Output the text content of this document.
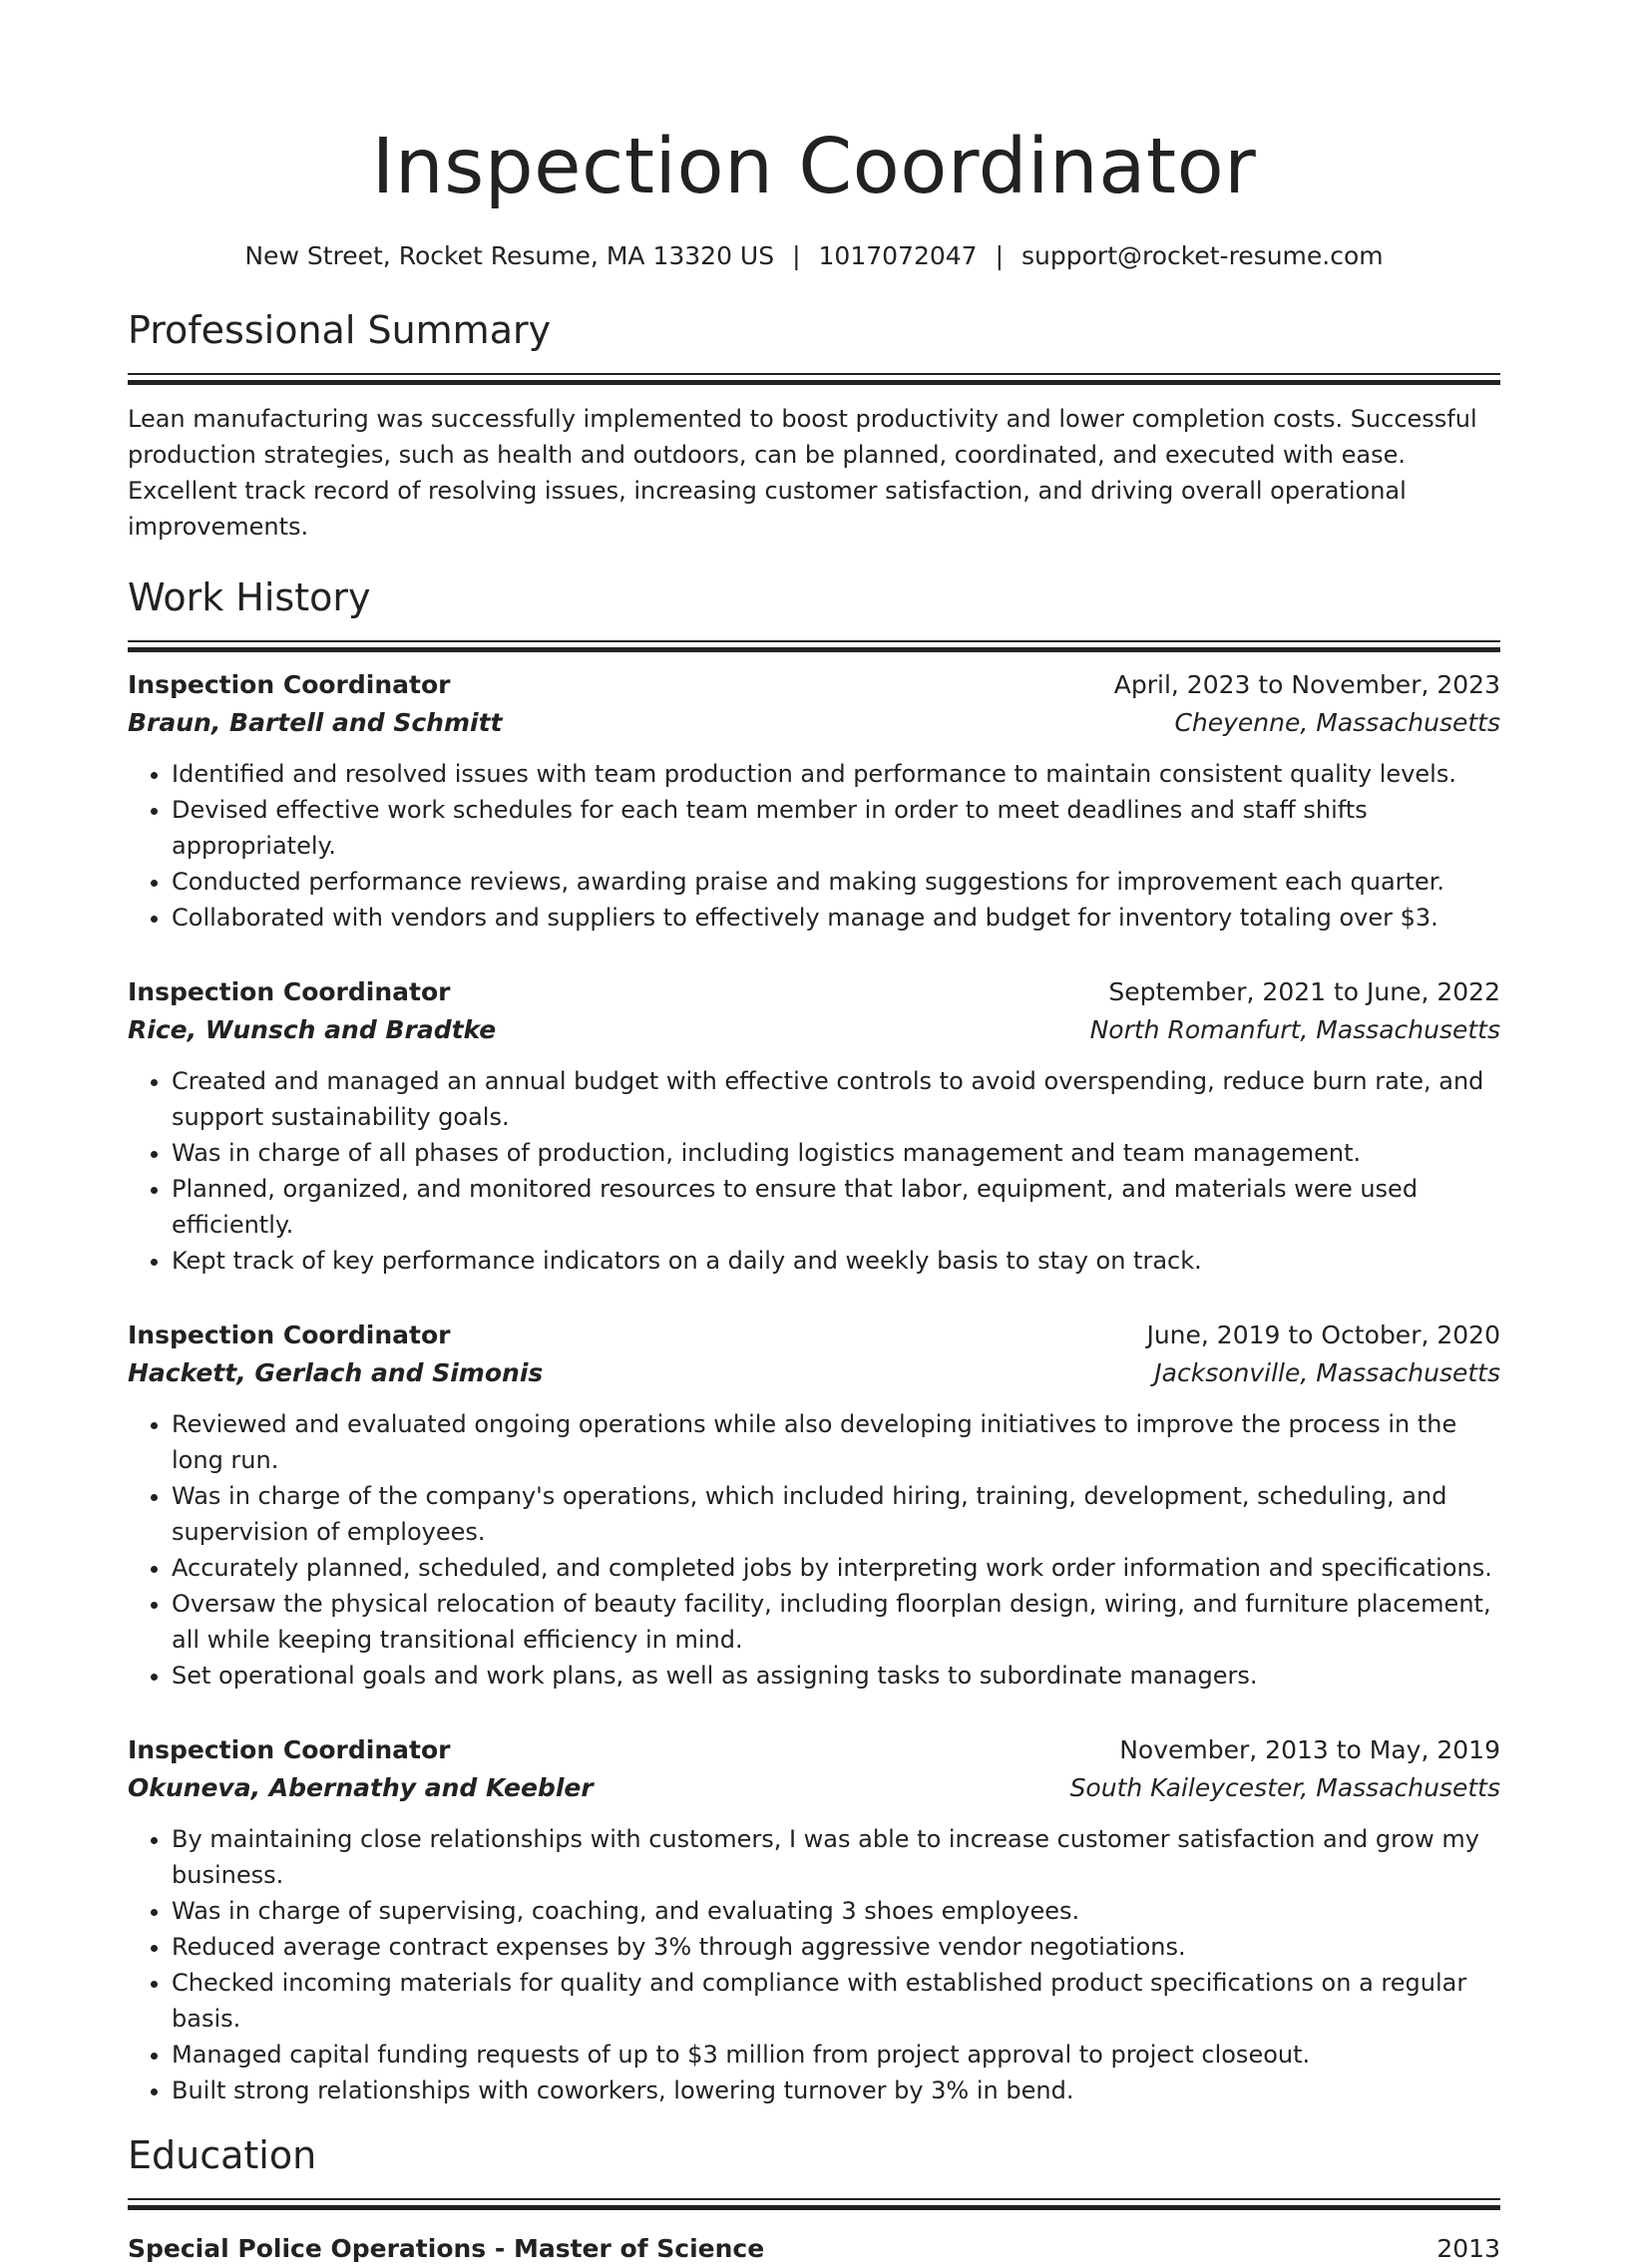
Inspection Coordinator
New Street, Rocket Resume, MA 13320 US | 1017072047 | support@rocket-resume.com
Professional Summary
Lean manufacturing was successfully implemented to boost productivity and lower completion costs. Successful production strategies, such as health and outdoors, can be planned, coordinated, and executed with ease. Excellent track record of resolving issues, increasing customer satisfaction, and driving overall operational improvements.
Work History
Inspection Coordinator	April, 2023 to November, 2023
Braun, Bartell and Schmitt	Cheyenne, Massachusetts
• Identified and resolved issues with team production and performance to maintain consistent quality levels.
• Devised effective work schedules for each team member in order to meet deadlines and staff shifts appropriately.
• Conducted performance reviews, awarding praise and making suggestions for improvement each quarter.
• Collaborated with vendors and suppliers to effectively manage and budget for inventory totaling over $3.
Inspection Coordinator	September, 2021 to June, 2022
Rice, Wunsch and Bradtke	North Romanfurt, Massachusetts
• Created and managed an annual budget with effective controls to avoid overspending, reduce burn rate, and support sustainability goals.
• Was in charge of all phases of production, including logistics management and team management.
• Planned, organized, and monitored resources to ensure that labor, equipment, and materials were used efficiently.
• Kept track of key performance indicators on a daily and weekly basis to stay on track.
Inspection Coordinator	June, 2019 to October, 2020
Hackett, Gerlach and Simonis	Jacksonville, Massachusetts
• Reviewed and evaluated ongoing operations while also developing initiatives to improve the process in the long run.
• Was in charge of the company's operations, which included hiring, training, development, scheduling, and supervision of employees.
• Accurately planned, scheduled, and completed jobs by interpreting work order information and specifications.
• Oversaw the physical relocation of beauty facility, including floorplan design, wiring, and furniture placement, all while keeping transitional efficiency in mind.
• Set operational goals and work plans, as well as assigning tasks to subordinate managers.
Inspection Coordinator	November, 2013 to May, 2019
Okuneva, Abernathy and Keebler	South Kaileycester, Massachusetts
• By maintaining close relationships with customers, I was able to increase customer satisfaction and grow my business.
• Was in charge of supervising, coaching, and evaluating 3 shoes employees.
• Reduced average contract expenses by 3% through aggressive vendor negotiations.
• Checked incoming materials for quality and compliance with established product specifications on a regular basis.
• Managed capital funding requests of up to $3 million from project approval to project closeout.
• Built strong relationships with coworkers, lowering turnover by 3% in bend.
Education
Special Police Operations - Master of Science	2013
